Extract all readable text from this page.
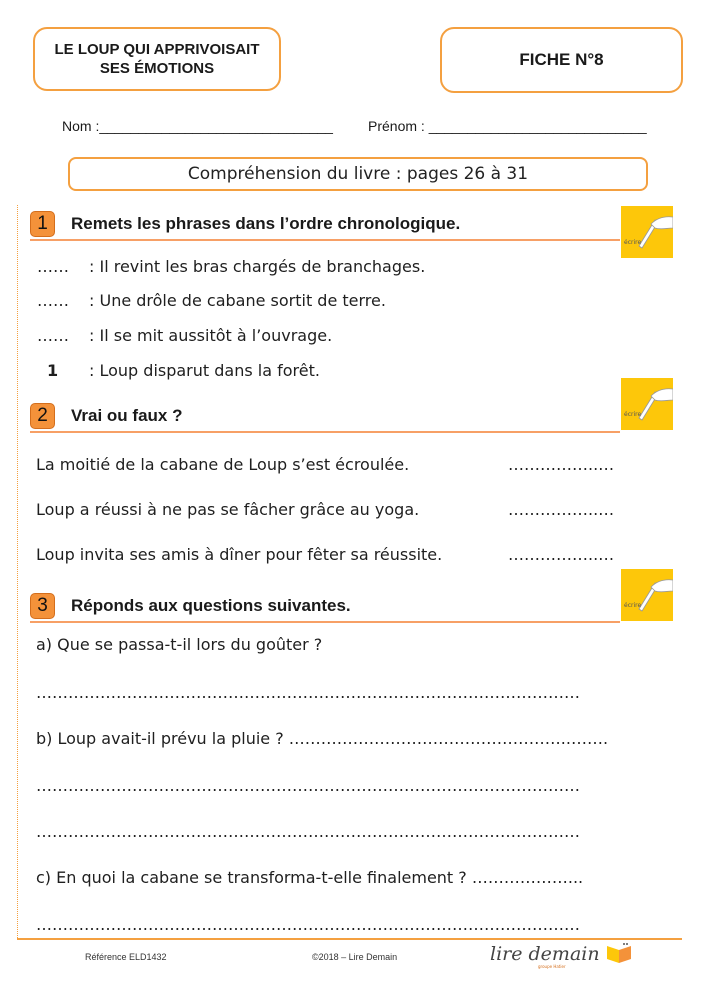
LE LOUP QUI APPRIVOISAIT
SES ÉMOTIONS	FICHE N°8
Nom :______________________________	Prénom : ____________________________
Compréhension du livre : pages 26 à 31
1	Remets les phrases dans l’ordre chronologique.
écrire
…… : Il revint les bras chargés de branchages.
…… : Une drôle de cabane sortit de terre.
…… : Il se mit aussitôt à l’ouvrage.
1 : Loup disparut dans la forêt.
2	Vrai ou faux ?	écrire
La moitié de la cabane de Loup s’est écroulée.	……………..…
Loup a réussi à ne pas se fâcher grâce au yoga.	……………..…
Loup invita ses amis à dîner pour fêter sa réussite.	……………..…
3	Réponds aux questions suivantes.	écrire
a) Que se passa-t-il lors du goûter ?
…………………………………………………………………………………………
b) Loup avait-il prévu la pluie ? ……………………………………………..…….
…………………………………………………………………………………………
…………………………………………………………………………………………
c) En quoi la cabane se transforma-t-elle finalement ? ………………...
…………………………………………………………………………………………
Référence ELD1432	©2018 – Lire Demain	lire demain
groupe Hatier
